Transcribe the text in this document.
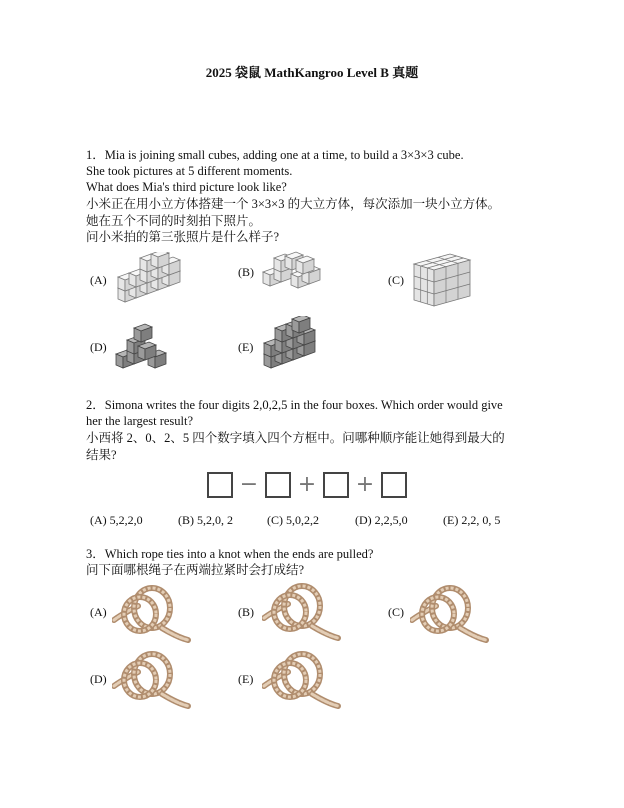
2025 袋鼠 MathKangroo Level B 真题
1．Mia is joining small cubes, adding one at a time, to build a 3×3×3 cube.
She took pictures at 5 different moments.
What does Mia's third picture look like?
小米正在用小立方体搭建一个 3×3×3 的大立方体，每次添加一块小立方体。
她在五个不同的时刻拍下照片。
问小米拍的第三张照片是什么样子?
(A)
(B)
(C)
(D)	(E)
2．Simona writes the four digits 2,0,2,5 in the four boxes. Which order would give
her the largest result?
小西将 2、0、2、5 四个数字填入四个方框中。问哪种顺序能让她得到最大的
结果?
− + +
(A) 5,2,2,0	(B) 5,2,0, 2	(C) 5,0,2,2	(D) 2,2,5,0	(E) 2,2, 0, 5
3．Which rope ties into a knot when the ends are pulled?
问下面哪根绳子在两端拉紧时会打成结?
(A)	(B)	(C)
(D)	(E)
